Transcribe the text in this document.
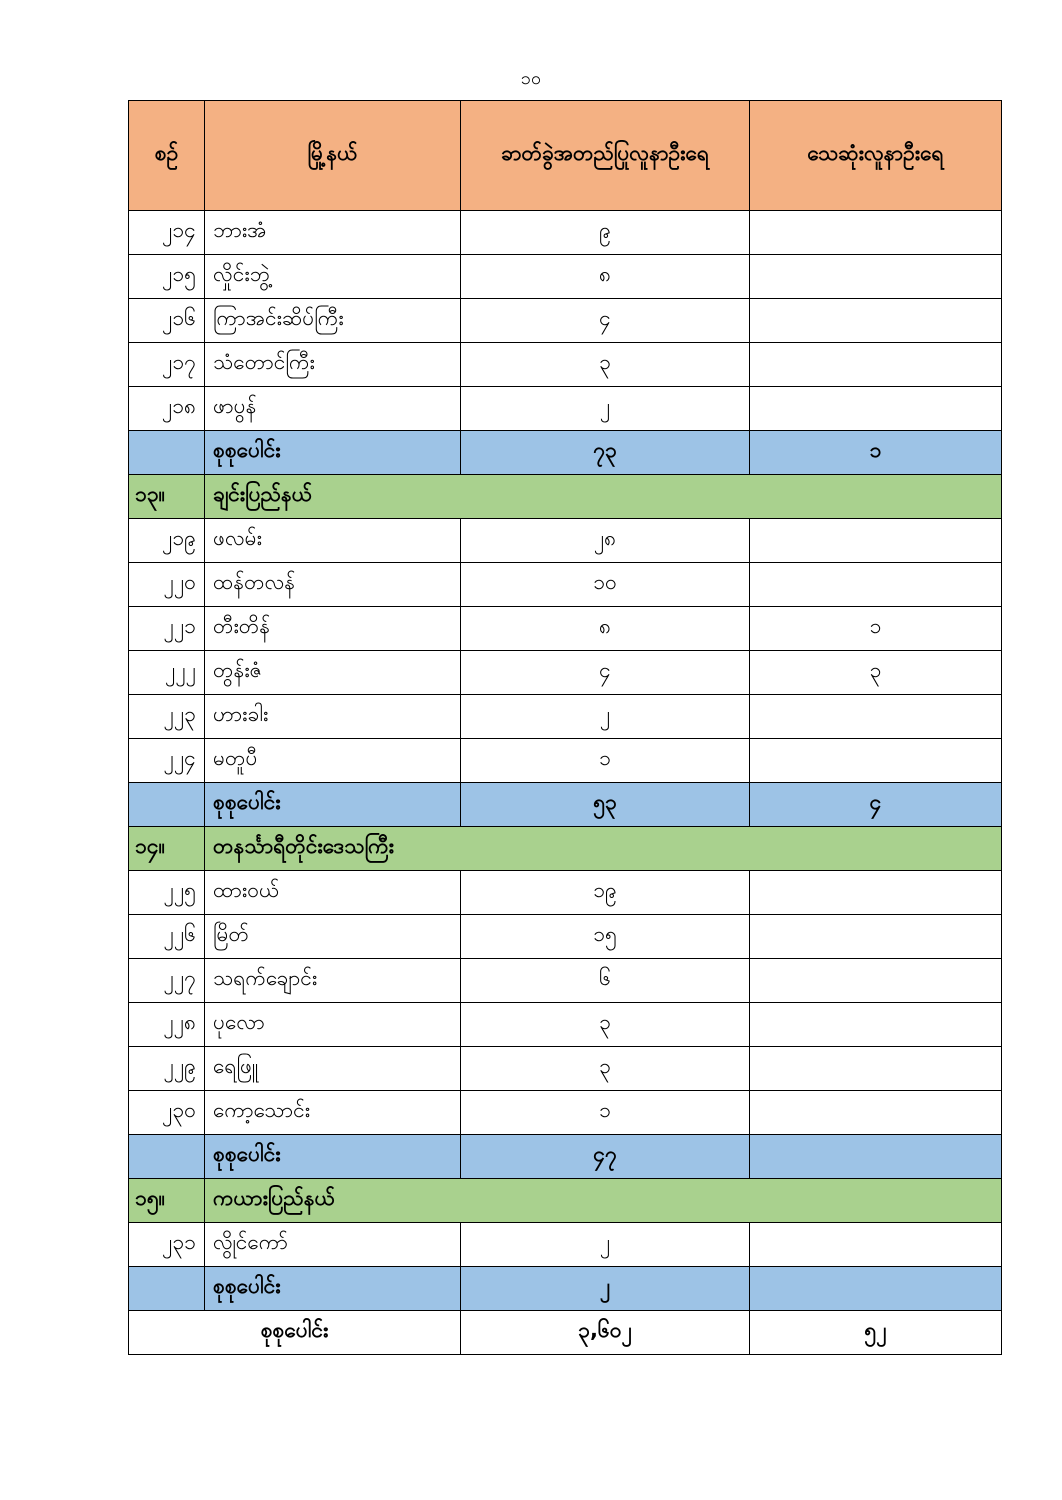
၁၀
စဉ်	မြို့နယ်	ခာတ်ခွဲအတည်ပြုလူနာဦးရေ	သေဆုံးလူနာဦးရေ
၂၁၄	ဘားအံ	၉	
၂၁၅	လှိုင်းဘွဲ့	၈	
၂၁၆	ကြာအင်းဆိပ်ကြီး	၄	
၂၁၇	သံတောင်ကြီး	၃	
၂၁၈	ဖာပွန်	၂	
	စုစုပေါင်း	၇၃	၁
၁၃။	ချင်းပြည်နယ်		
၂၁၉	ဖလမ်း	၂၈	
၂၂၀	ထန်တလန်	၁၀	
၂၂၁	တီးတိန်	၈	၁
၂၂၂	တွန်းဇံ	၄	၃
၂၂၃	ဟားခါး	၂	
၂၂၄	မတူပီ	၁	
	စုစုပေါင်း	၅၃	၄
၁၄။	တနင်္သာရီတိုင်းဒေသကြီး		
၂၂၅	ထားဝယ်	၁၉	
၂၂၆	မြိတ်	၁၅	
၂၂၇	သရက်ချောင်း	၆	
၂၂၈	ပုလော	၃	
၂၂၉	ရေဖြူ	၃	
၂၃၀	ကော့သောင်း	၁	
	စုစုပေါင်း	၄၇	
၁၅။	ကယားပြည်နယ်		
၂၃၁	လွိုင်ကော်	၂	
	စုစုပေါင်း	၂	
စုစုပေါင်း		၃,၆၀၂	၅၂
